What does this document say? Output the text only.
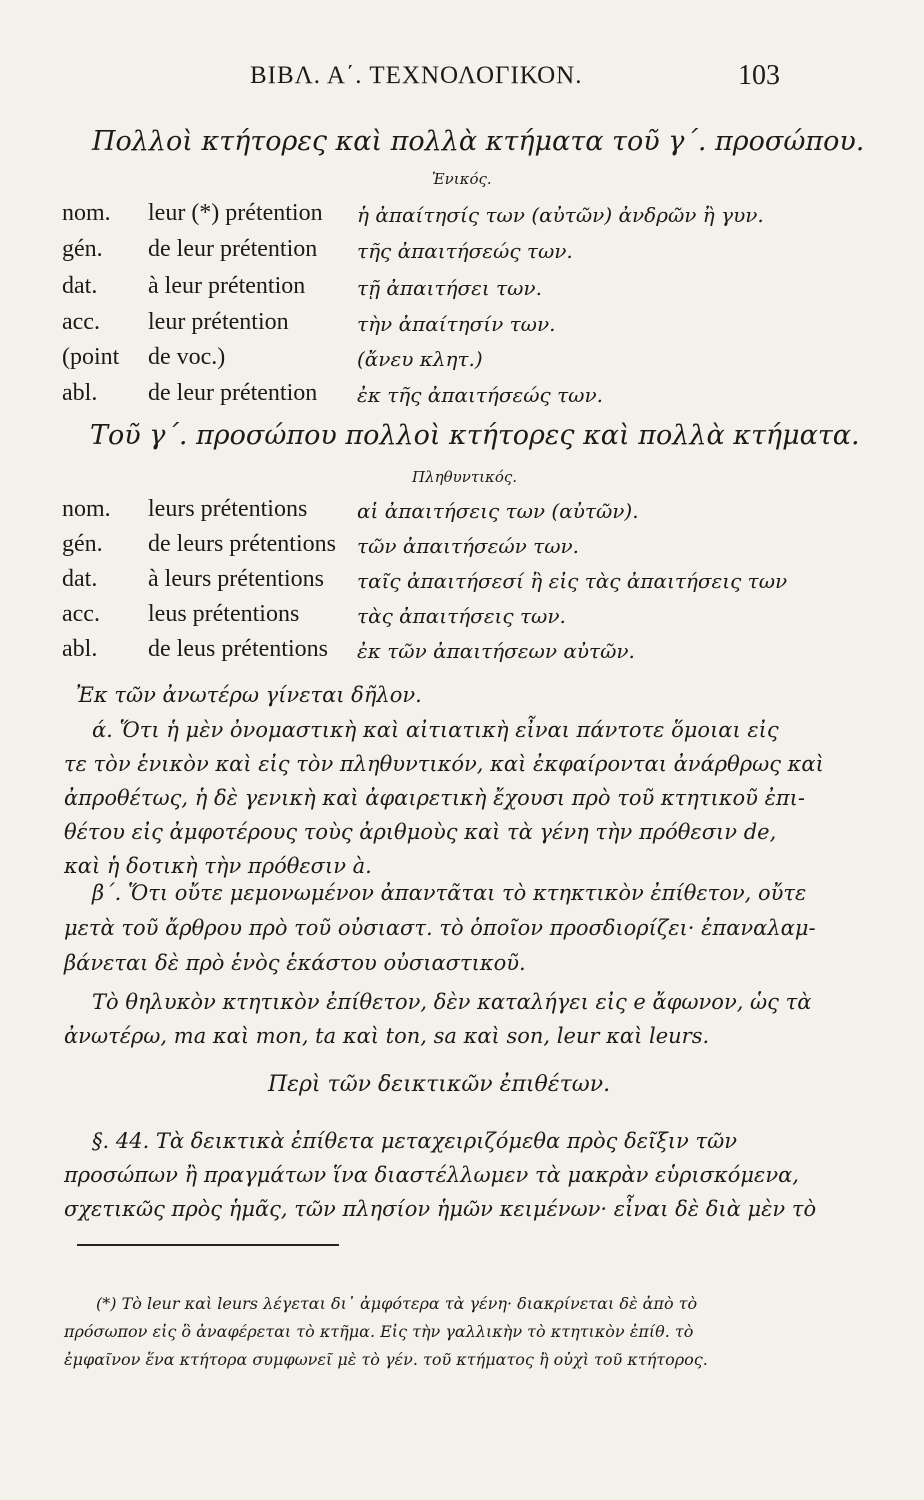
ΒΙΒΛ. Α΄. ΤΕΧΝΟΛΟΓΙΚΟΝ.	103
Πολλοὶ κτήτορες καὶ πολλὰ κτήματα τοῦ γ΄. προσώπου.
Ἑνικός.
nom. leur (*) prétention ἡ ἀπαίτησίς των (αὐτῶν) ἀνδρῶν ἢ γυν.
gén. de leur prétention τῆς ἀπαιτήσεώς των.
dat. à leur prétention	τῇ ἀπαιτήσει των.
acc. leur prétention	τὴν ἀπαίτησίν των.
(point de voc.)	(ἄνευ κλητ.)
abl. de leur prétention ἐκ τῆς ἀπαιτήσεώς των.
Τοῦ γ΄. προσώπου πολλοὶ κτήτορες καὶ πολλὰ κτήματα.
Πληθυντικός.
nom. leurs prétentions αἱ ἀπαιτήσεις των (αὐτῶν).
gén. de leurs prétentions τῶν ἀπαιτήσεών των.
dat. à leurs prétentions ταῖς ἀπαιτήσεσί ἢ εἰς τὰς ἀπαιτήσεις των
acc. leus prétentions	τὰς ἀπαιτήσεις των.
abl. de leus prétentions ἐκ τῶν ἀπαιτήσεων αὐτῶν.
Ἐκ τῶν ἀνωτέρω γίνεται δῆλον.
ά. Ὅτι ἡ μὲν ὀνομαστικὴ καὶ αἰτιατικὴ εἶναι πάντοτε ὅμοιαι εἰς
τε τὸν ἑνικὸν καὶ εἰς τὸν πληθυντικόν, καὶ ἐκφαίρονται ἀνάρθρως καὶ
ἀπροθέτως, ἡ δὲ γενικὴ καὶ ἀφαιρετικὴ ἔχουσι πρὸ τοῦ κτητικοῦ ἐπι-
θέτου εἰς ἀμφοτέρους τοὺς ἀριθμοὺς καὶ τὰ γένη τὴν πρόθεσιν de,
καὶ ἡ δοτικὴ τὴν πρόθεσιν à.
β΄. Ὅτι οὔτε μεμονωμένον ἀπαντᾶται τὸ κτηκτικὸν ἐπίθετον, οὔτε
μετὰ τοῦ ἄρθρου πρὸ τοῦ οὐσιαστ. τὸ ὁποῖον προσδιορίζει· ἐπαναλαμ-
βάνεται δὲ πρὸ ἑνὸς ἑκάστου οὐσιαστικοῦ.
Τὸ θηλυκὸν κτητικὸν ἐπίθετον, δὲν καταλήγει εἰς e ἄφωνον, ὡς τὰ
ἀνωτέρω, ma καὶ mon, ta καὶ ton, sa καὶ son, leur καὶ leurs.
Περὶ τῶν δεικτικῶν ἐπιθέτων.
§. 44. Τὰ δεικτικὰ ἐπίθετα μεταχειριζόμεθα πρὸς δεῖξιν τῶν
προσώπων ἢ πραγμάτων ἵνα διαστέλλωμεν τὰ μακρὰν εὑρισκόμενα,
σχετικῶς πρὸς ἡμᾶς, τῶν πλησίον ἡμῶν κειμένων· εἶναι δὲ διὰ μὲν τὸ
(*) Τὸ leur καὶ leurs λέγεται δι᾽ ἀμφότερα τὰ γένη· διακρίνεται δὲ ἀπὸ τὸ
πρόσωπον εἰς ὃ ἀναφέρεται τὸ κτῆμα. Εἰς τὴν γαλλικὴν τὸ κτητικὸν ἐπίθ. τὸ
ἐμφαῖνον ἕνα κτήτορα συμφωνεῖ μὲ τὸ γέν. τοῦ κτήματος ἢ οὐχὶ τοῦ κτήτορος.
